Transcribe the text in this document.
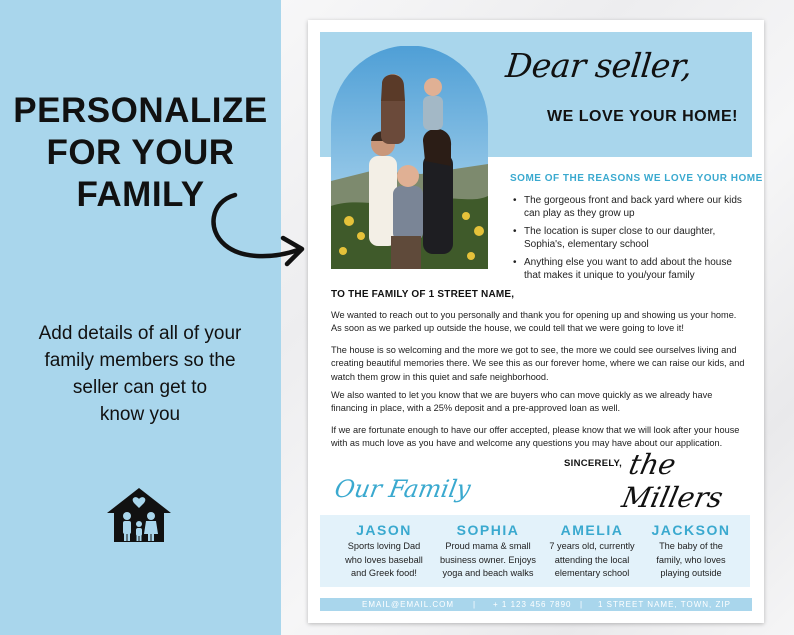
PERSONALIZE
FOR YOUR
FAMILY
Add details of all of your
family members so the
seller can get to
know you
Dear seller,
WE LOVE YOUR HOME!
SOME OF THE REASONS WE LOVE YOUR HOME
• The gorgeous front and back yard where our kids can play as they grow up
• The location is super close to our daughter, Sophia's, elementary school
• Anything else you want to add about the house that makes it unique to you/your family
TO THE FAMILY OF 1 STREET NAME,

We wanted to reach out to you personally and thank you for opening up and showing us your home. As soon as we parked up outside the house, we could tell that we were going to love it!

The house is so welcoming and the more we got to see, the more we could see ourselves living and creating beautiful memories there. We see this as our forever home, where we can raise our kids, and watch them grow in this quiet and safe neighborhood.

We also wanted to let you know that we are buyers who can move quickly as we already have financing in place, with a 25% deposit and a pre-approved loan as well.

If we are fortunate enough to have our offer accepted, please know that we will look after your house with as much love as you have and welcome any questions you may have about our application.

SINCERELY, the Millers
Our Family
JASON
Sports loving Dad
who loves baseball
and Greek food!
SOPHIA
Proud mama & small
business owner. Enjoys
yoga and beach walks
AMELIA
7 years old, currently
attending the local
elementary school
JACKSON
The baby of the
family, who loves
playing outside
EMAIL@EMAIL.COM | + 1 123 456 7890 | 1 STREET NAME, TOWN, ZIP
